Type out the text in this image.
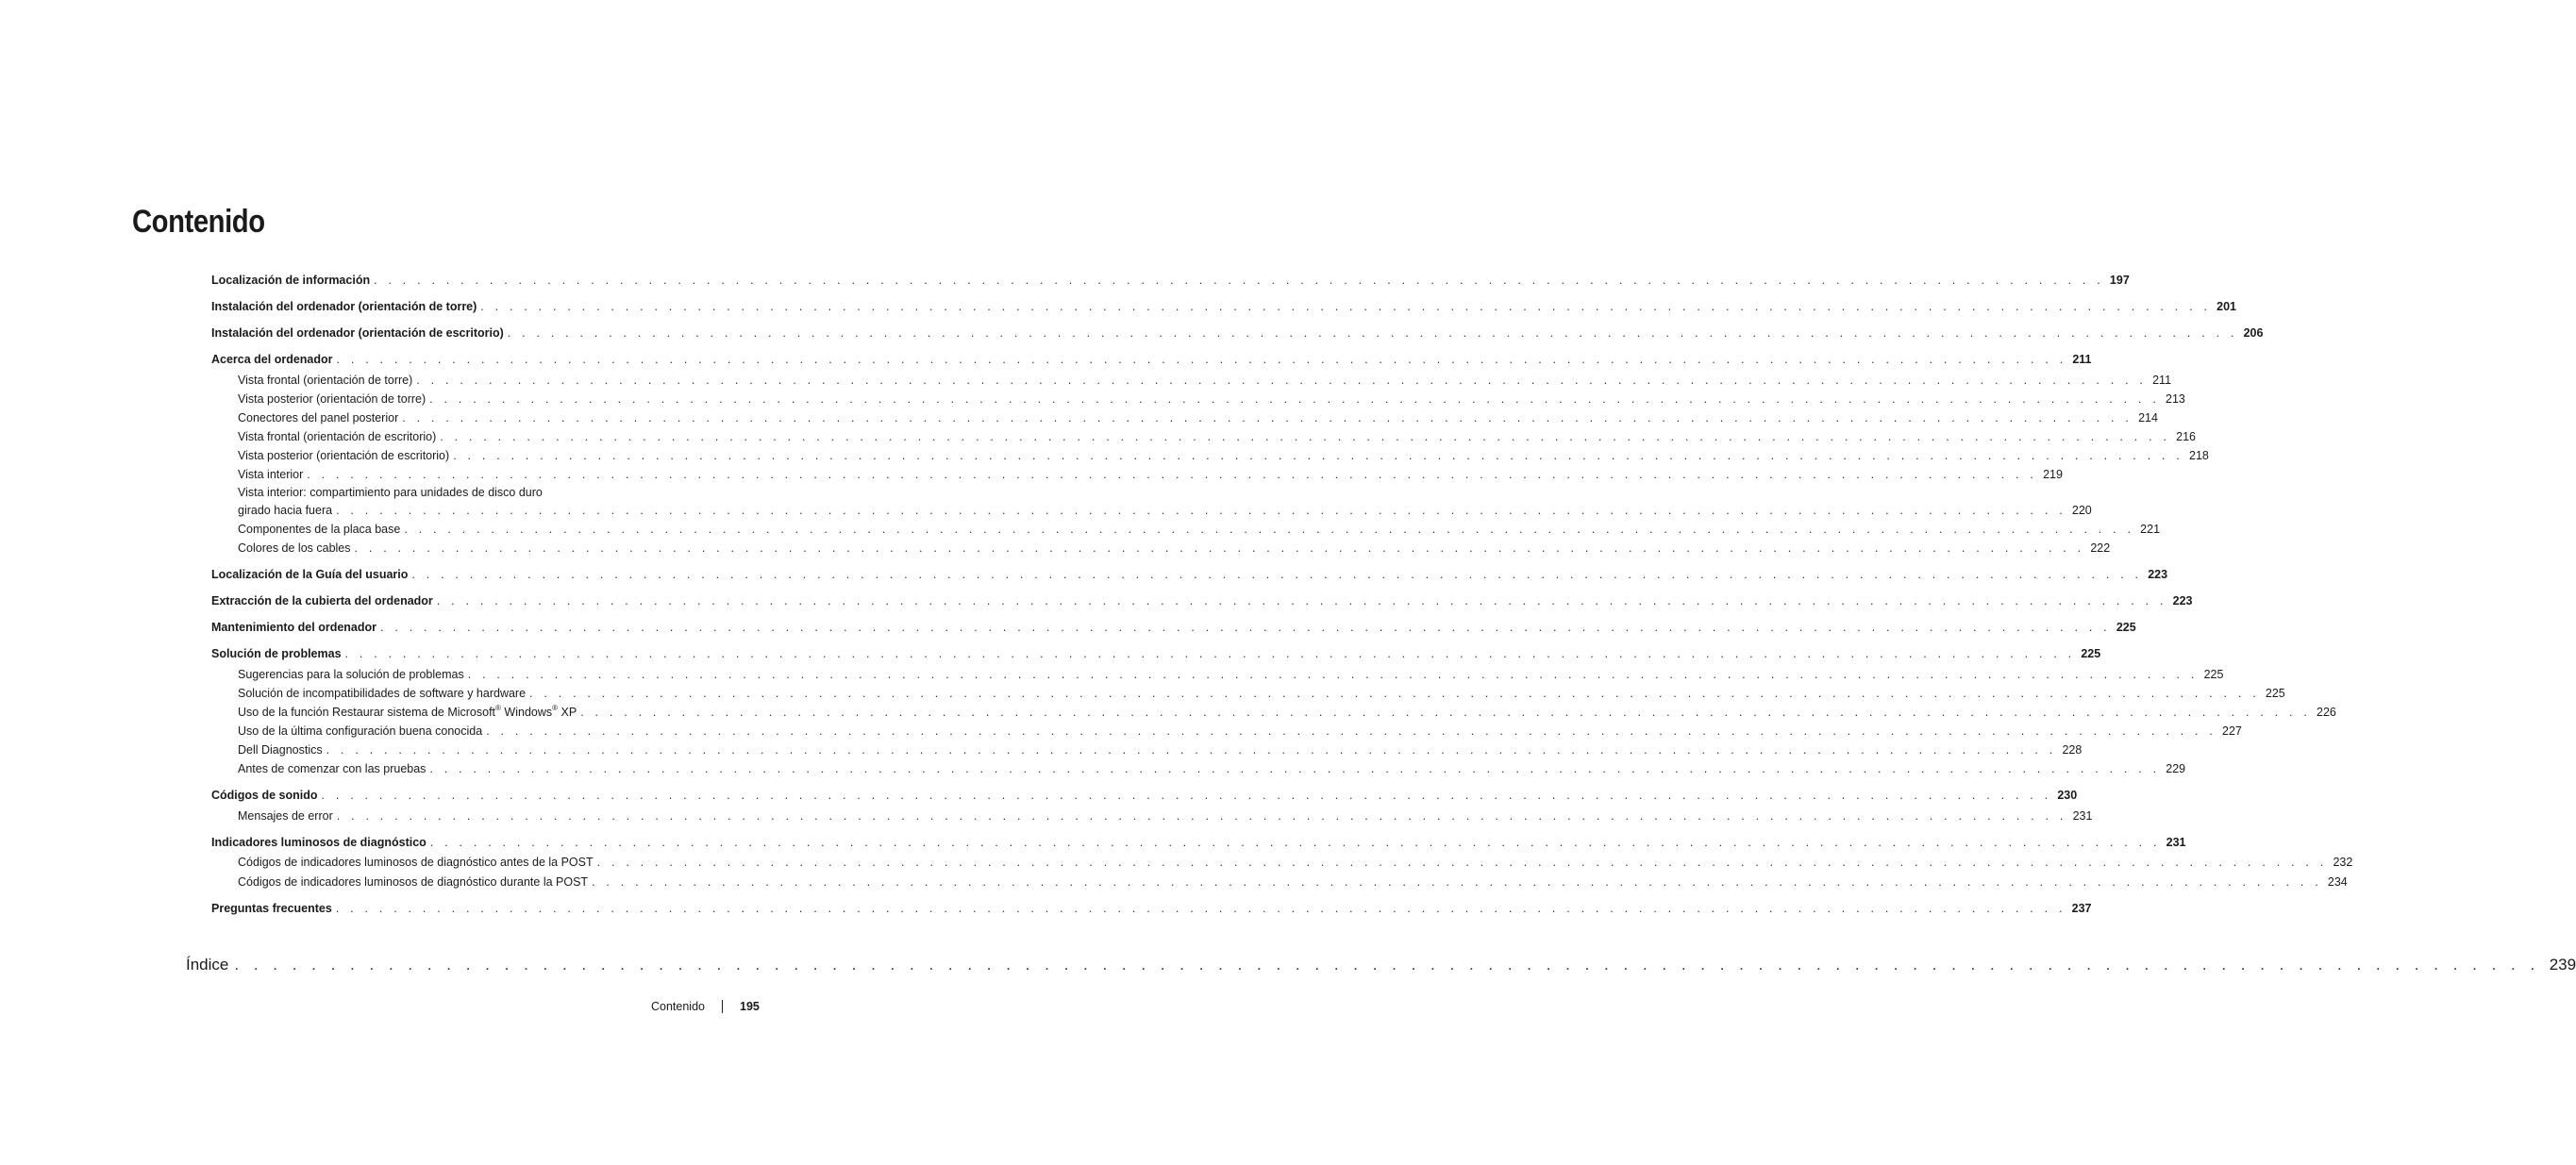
Contenido
Localización de información . . . . . . . . . . . . . . . . . . . . . . . . . . . . . . . . . . . . . . . . . . . . . . . . . . . . . . . . . . . . . . . . . . . . . . . . . . . . . . . . . . . . . . . . . . . . . . . . . . . . . . . . . . . . . . . . . . . . . . . . 197
Instalación del ordenador (orientación de torre) . . . . . . . . . . . . . . . . . . . . . . . . . . . . . . . . . . . . . . . . . . . . . . . . . . . . . . . . . . . . . . . . . . . . . . . . . . . . . . . . . . . . . . . . . . . . . . . . . . . . . . . . . . . . . . . . . . . . . . . . 201
Instalación del ordenador (orientación de escritorio) . . . . . . . . . . . . . . . . . . . . . . . . . . . . . . . . . . . . . . . . . . . . . . . . . . . . . . . . . . . . . . . . . . . . . . . . . . . . . . . . . . . . . . . . . . . . . . . . . . . . . . . . . . . . . . . . . . . . . . . . 206
Acerca del ordenador . . . . . . . . . . . . . . . . . . . . . . . . . . . . . . . . . . . . . . . . . . . . . . . . . . . . . . . . . . . . . . . . . . . . . . . . . . . . . . . . . . . . . . . . . . . . . . . . . . . . . . . . . . . . . . . . . . . . . . . . 211
Vista frontal (orientación de torre) . . . . . . . . . . . . . . . . . . . . . . . . . . . . . . . . . . . . . . . . . . . . . . . . . . . . . . . . . . . . . . . . . . . . . . . . . . . . . . . . . . . . . . . . . . . . . . . . . . . . . . . . . . . . . . . . . . . . . . . . 211
Vista posterior (orientación de torre) . . . . . . . . . . . . . . . . . . . . . . . . . . . . . . . . . . . . . . . . . . . . . . . . . . . . . . . . . . . . . . . . . . . . . . . . . . . . . . . . . . . . . . . . . . . . . . . . . . . . . . . . . . . . . . . . . . . . . . . . 213
Conectores del panel posterior . . . . . . . . . . . . . . . . . . . . . . . . . . . . . . . . . . . . . . . . . . . . . . . . . . . . . . . . . . . . . . . . . . . . . . . . . . . . . . . . . . . . . . . . . . . . . . . . . . . . . . . . . . . . . . . . . . . . . . . . 214
Vista frontal (orientación de escritorio) . . . . . . . . . . . . . . . . . . . . . . . . . . . . . . . . . . . . . . . . . . . . . . . . . . . . . . . . . . . . . . . . . . . . . . . . . . . . . . . . . . . . . . . . . . . . . . . . . . . . . . . . . . . . . . . . . . . . . . . . 216
Vista posterior (orientación de escritorio) . . . . . . . . . . . . . . . . . . . . . . . . . . . . . . . . . . . . . . . . . . . . . . . . . . . . . . . . . . . . . . . . . . . . . . . . . . . . . . . . . . . . . . . . . . . . . . . . . . . . . . . . . . . . . . . . . . . . . . . . 218
Vista interior . . . . . . . . . . . . . . . . . . . . . . . . . . . . . . . . . . . . . . . . . . . . . . . . . . . . . . . . . . . . . . . . . . . . . . . . . . . . . . . . . . . . . . . . . . . . . . . . . . . . . . . . . . . . . . . . . . . . . . . . 219
Vista interior: compartimiento para unidades de disco duro
girado hacia fuera . . . . . . . . . . . . . . . . . . . . . . . . . . . . . . . . . . . . . . . . . . . . . . . . . . . . . . . . . . . . . . . . . . . . . . . . . . . . . . . . . . . . . . . . . . . . . . . . . . . . . . . . . . . . . . . . . . . . . . . . 220
Componentes de la placa base . . . . . . . . . . . . . . . . . . . . . . . . . . . . . . . . . . . . . . . . . . . . . . . . . . . . . . . . . . . . . . . . . . . . . . . . . . . . . . . . . . . . . . . . . . . . . . . . . . . . . . . . . . . . . . . . . . . . . . . . 221
Colores de los cables . . . . . . . . . . . . . . . . . . . . . . . . . . . . . . . . . . . . . . . . . . . . . . . . . . . . . . . . . . . . . . . . . . . . . . . . . . . . . . . . . . . . . . . . . . . . . . . . . . . . . . . . . . . . . . . . . . . . . . . . 222
Localización de la Guía del usuario . . . . . . . . . . . . . . . . . . . . . . . . . . . . . . . . . . . . . . . . . . . . . . . . . . . . . . . . . . . . . . . . . . . . . . . . . . . . . . . . . . . . . . . . . . . . . . . . . . . . . . . . . . . . . . . . . . . . . . . . 223
Extracción de la cubierta del ordenador . . . . . . . . . . . . . . . . . . . . . . . . . . . . . . . . . . . . . . . . . . . . . . . . . . . . . . . . . . . . . . . . . . . . . . . . . . . . . . . . . . . . . . . . . . . . . . . . . . . . . . . . . . . . . . . . . . . . . . . . 223
Mantenimiento del ordenador . . . . . . . . . . . . . . . . . . . . . . . . . . . . . . . . . . . . . . . . . . . . . . . . . . . . . . . . . . . . . . . . . . . . . . . . . . . . . . . . . . . . . . . . . . . . . . . . . . . . . . . . . . . . . . . . . . . . . . . . 225
Solución de problemas . . . . . . . . . . . . . . . . . . . . . . . . . . . . . . . . . . . . . . . . . . . . . . . . . . . . . . . . . . . . . . . . . . . . . . . . . . . . . . . . . . . . . . . . . . . . . . . . . . . . . . . . . . . . . . . . . . . . . . . . 225
Sugerencias para la solución de problemas . . . . . . . . . . . . . . . . . . . . . . . . . . . . . . . . . . . . . . . . . . . . . . . . . . . . . . . . . . . . . . . . . . . . . . . . . . . . . . . . . . . . . . . . . . . . . . . . . . . . . . . . . . . . . . . . . . . . . . . . 225
Solución de incompatibilidades de software y hardware . . . . . . . . . . . . . . . . . . . . . . . . . . . . . . . . . . . . . . . . . . . . . . . . . . . . . . . . . . . . . . . . . . . . . . . . . . . . . . . . . . . . . . . . . . . . . . . . . . . . . . . . . . . . . . . . . . . . . . . . 225
Uso de la función Restaurar sistema de Microsoft® Windows® XP . . . . . . . . . . . . . . . . . . . . . . . . . . . . . . . . . . . . . . . . . . . . . . . . . . . . . . . . . . . . . . . . . . . . . . . . . . . . . . . . . . . . . . . . . . . . . . . . . . . . . . . . . . . . . . . . . . . . . . . . 226
Uso de la última configuración buena conocida . . . . . . . . . . . . . . . . . . . . . . . . . . . . . . . . . . . . . . . . . . . . . . . . . . . . . . . . . . . . . . . . . . . . . . . . . . . . . . . . . . . . . . . . . . . . . . . . . . . . . . . . . . . . . . . . . . . . . . . . 227
Dell Diagnostics . . . . . . . . . . . . . . . . . . . . . . . . . . . . . . . . . . . . . . . . . . . . . . . . . . . . . . . . . . . . . . . . . . . . . . . . . . . . . . . . . . . . . . . . . . . . . . . . . . . . . . . . . . . . . . . . . . . . . . . . 228
Antes de comenzar con las pruebas . . . . . . . . . . . . . . . . . . . . . . . . . . . . . . . . . . . . . . . . . . . . . . . . . . . . . . . . . . . . . . . . . . . . . . . . . . . . . . . . . . . . . . . . . . . . . . . . . . . . . . . . . . . . . . . . . . . . . . . . 229
Códigos de sonido . . . . . . . . . . . . . . . . . . . . . . . . . . . . . . . . . . . . . . . . . . . . . . . . . . . . . . . . . . . . . . . . . . . . . . . . . . . . . . . . . . . . . . . . . . . . . . . . . . . . . . . . . . . . . . . . . . . . . . . . 230
Mensajes de error . . . . . . . . . . . . . . . . . . . . . . . . . . . . . . . . . . . . . . . . . . . . . . . . . . . . . . . . . . . . . . . . . . . . . . . . . . . . . . . . . . . . . . . . . . . . . . . . . . . . . . . . . . . . . . . . . . . . . . . . 231
Indicadores luminosos de diagnóstico . . . . . . . . . . . . . . . . . . . . . . . . . . . . . . . . . . . . . . . . . . . . . . . . . . . . . . . . . . . . . . . . . . . . . . . . . . . . . . . . . . . . . . . . . . . . . . . . . . . . . . . . . . . . . . . . . . . . . . . . 231
Códigos de indicadores luminosos de diagnóstico antes de la POST . . . . . . . . . . . . . . . . . . . . . . . . . . . . . . . . . . . . . . . . . . . . . . . . . . . . . . . . . . . . . . . . . . . . . . . . . . . . . . . . . . . . . . . . . . . . . . . . . . . . . . . . . . . . . . . . . . . . . . . . 232
Códigos de indicadores luminosos de diagnóstico durante la POST . . . . . . . . . . . . . . . . . . . . . . . . . . . . . . . . . . . . . . . . . . . . . . . . . . . . . . . . . . . . . . . . . . . . . . . . . . . . . . . . . . . . . . . . . . . . . . . . . . . . . . . . . . . . . . . . . . . . . . . . 234
Preguntas frecuentes . . . . . . . . . . . . . . . . . . . . . . . . . . . . . . . . . . . . . . . . . . . . . . . . . . . . . . . . . . . . . . . . . . . . . . . . . . . . . . . . . . . . . . . . . . . . . . . . . . . . . . . . . . . . . . . . . . . . . . . . 237
Índice . . . . . . . . . . . . . . . . . . . . . . . . . . . . . . . . . . . . . . . . . . . . . . . . . . . . . . . . . . . . . . . . . . . . . . . . . . . . . . . . . . . . . . . . . . . . . . . . . . . . . . . . . . . . . . . . . . . . . . . . 239
Contenido	195
